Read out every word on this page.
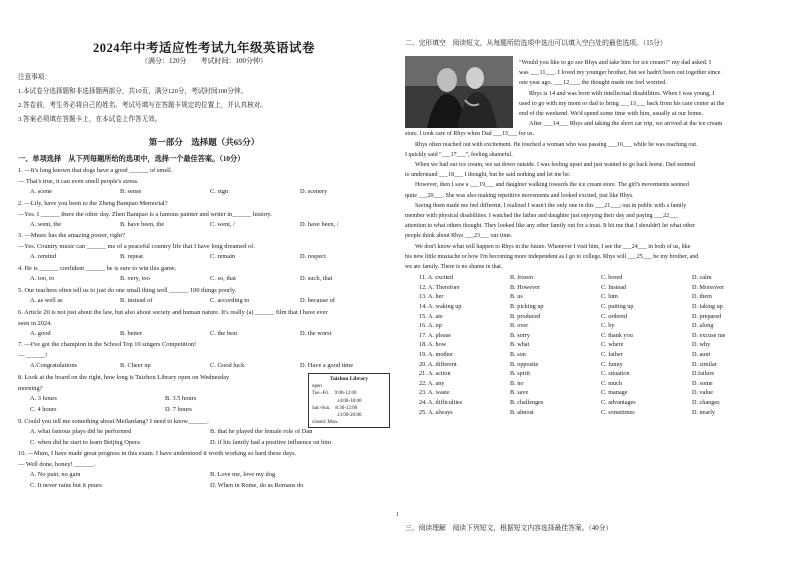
2024年中考适应性考试九年级英语试卷
（满分：120分　　考试时间：100分钟）
注意事项：
1.本试卷分选择题和非选择题两部分，共10页，满分120分，考试时间100分钟。
2.答卷前，考生务必将自己的姓名、考试号填写在答题卡规定的位置上，并认真核对。
3.答案必须填在答题卡上，在本试卷上作答无效。
第一部分　选择题（共65分）
一、单项选择　从下列每题所给的选项中，选择一个最佳答案。（10分）
1. —It's long known that dogs have a good ______ of smell.
— That's true, it can even smell people's stress.
A. scene	B. sense	C. sign	D. scenery
2. —Lily, have you been to the Zheng Banqiao Memorial?
—Yes. I ______ there the other day. Zhen Banqiao is a famous painter and writer in______ history.
A. went, the	B. have been, the	C. went, /	D. have been, /
3. —Music has the amazing power, right?
—Yes. Country music can ______ me of a peaceful country life that I have long dreamed of.
A. remind	B. repeat	C. remain	D. respect
4. He is ______ confident ______ he is sure to win this game.
A. too, to	B. very, too	C. so, that	D. such, that
5. Our teachers often tell us to just do one small thing well ______ 100 things poorly.
A. as well as	B. instead of	C. according to	D. because of
6. Article 20 is not just about the law, but also about society and human nature. It's really (a) ______ film that I have ever
seen in 2024.
A. good	B. better	C. the best	D. the worst
7. —I've got the champion in the School Top 10 singers Competition!
— ______!
A.Congratulations	B. Cheer up	C. Good luck	D. Have a good time
8. Look at the board on the right, how long is Taizhou Library open on Wednesday
morning?
A. 3 hours	B. 3.5 hours
C. 4 hours	D. 7 hours
9. Could you tell me something about Meilanfang? I need to know______.
A. what famous plays did he performed	B. that he played the female role of Dan
C. when did he start to learn Beijing Opera	D. if his family had a positive influence on him
10. —Mum, I have made great progress in this exam. I have understood it worth working so hard these days.
— Well done, honey! ______.
A. No pain, no gain	B. Love me, love my dog
C. It never rains but it pours	D. When in Rome, do as Romans do
Taizhou Library
open
Tue.-Fri.　9:00-12:00
　　　　　14:00-18:00
Sat.-Sun.　8:30-12:00
　　　　　13:00-20:00
closed: Mon.
二、完形填空　阅读短文，从每题所给选项中选出可以填入空白处的最佳选项。（15分）
"Would you like to go see Rhys and take him for ice cream?" my dad asked. I
was ___11___. I loved my younger brother, but we hadn't been out together since
one year ago. ___12___, the thought made me feel worried.
Rhys is 14 and was born with intellectual disabilities. When I was young, I
used to go with my mom or dad to bring ___13___ back from his care center at the
end of the weekend. We'd spend some time with him, usually at our home.
After ___14___ Rhys and taking the short car trip, we arrived at the ice cream
store. I took care of Rhys when Dad ___15___ for us.
Rhys often reached out with excitement. He touched a woman who was passing ___16___ while he was reaching out.
I quickly said "___17___", feeling shameful.
When we had our ice cream, we sat down outside. I was feeling upset and just wanted to go back home. Dad seemed
to understand ___18___ I thought, but he said nothing and let me be.
However, then I saw a ___19___ and daughter walking towards the ice cream store. The girl's movements seemed
quite ___20___. She was also making repetitive movements and looked excited, just like Rhys.
Seeing them made me feel different. I realized I wasn't the only one in this ___21___; out in public with a family
member with physical disabilities. I watched the father and daughter just enjoying their day and paying ___22___
attention to what others thought. They looked like any other family out for a treat. It hit me that I shouldn't let what other
people think about Rhys ___23___ our time.
We don't know what will happen to Rhys in the future. Whenever I visit him, I see the ___24___ in both of us, like
his new little mustache or how I'm becoming more independent as I go to college. Rhys will ___25___ be my brother, and
we are family. There is no shame in that.
11. A. excited	B. frozen	C. bored	D. calm
12. A. Therefore	B. However	C. Instead	D. Moreover
13. A. her	B. us	C. him	D. them
14. A. waking up	B. picking up	C. putting up	D. taking up
15. A. ate	B. produced	C. ordered	D. prepared
16. A. up	B. over	C. by	D. along
17. A. please	B. sorry	C. thank you	D. excuse me
18. A. how	B. what	C. where	D. why
19. A. mother	B. son	C. father	D. aunt
20. A. different	B. opposite	C. funny	D. similar
21. A. action	B. spirit	C. situation	D.failure
22. A. any	B. no	C. much	D. some
23. A. waste	B. save	C. manage	D. value
24. A. difficulties	B. challenges	C. advantages	D. changes
25. A. always	B. almost	C. sometimes	D. nearly
三、阅读理解　阅读下列短文，根据短文内容选择最佳答案。（40分）
1
